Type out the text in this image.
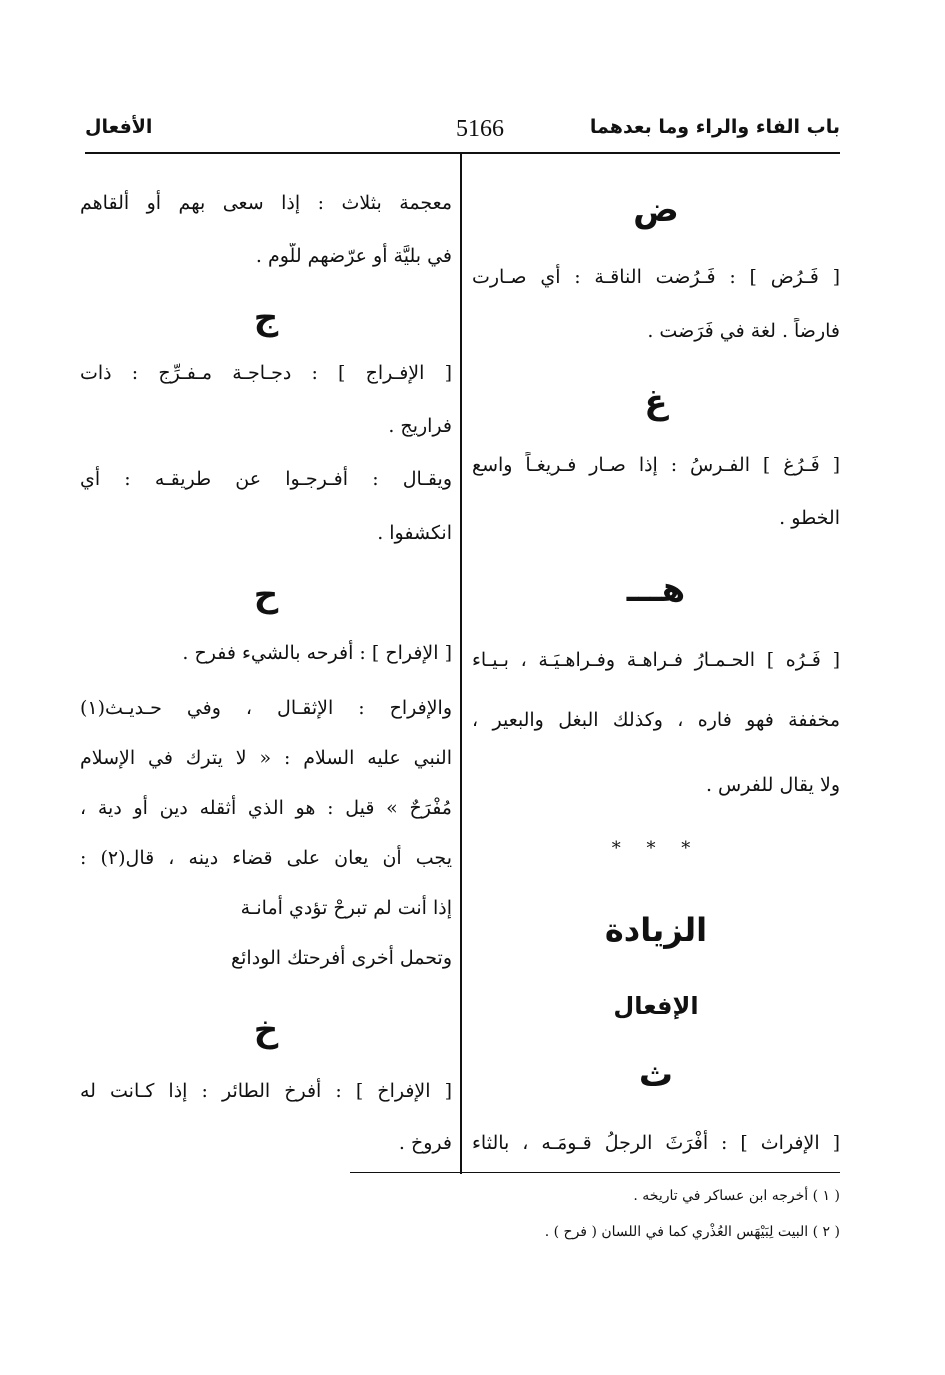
باب الفاء والراء وما بعدهما
5166
الأفعال
ض
[ فَـرُض ] : فَـرُضت الناقـة : أي صـارت
فارضاً . لغة في فَرَضت .
غ
[ فَـرُغ ] الفـرسُ : إذا صـار فـريغـاً واسع
الخطو .
هـــ
[ فَـرُه ] الحـمـارُ فـراهـة وفـراهـيَـة ، بـيـاء
مخففة فهو فاره ، وكذلك البغل والبعير ،
ولا يقال للفرس .
* * *
الزيادة
الإفعال
ث
[ الإفراث ] : أَفْرَثَ الرجلُ قـومَـه ، بالثاء
معجمة بثلاث : إذا سعى بهم أو ألقاهم
في بليَّة أو عرّضهم للّوم .
ج
[ الإفـراج ] : دجـاجـة مـفـرِّج : ذات
فراريج .
ويقـال : أفـرجـوا عن طريقـه : أي
انكشفوا .
ح
[ الإفراح ] : أفرحه بالشيء ففرح .
والإفراح : الإثقـال ، وفي حـديـث(١)
النبي عليه السلام : « لا يترك في الإسلام
مُفْرَحٌ » قيل : هو الذي أثقله دين أو دية ،
يجب أن يعان على قضاء دينه ، قال(٢) :
إذا أنت لم تبرحْ تؤدي أمانـة
وتحمل أخرى أفرحتك الودائع
خ
[ الإفراخ ] : أفرخ الطائر : إذا كـانت له
فروخ .
( ١ ) أخرجه ابن عساكر في تاريخه .
( ٢ ) البيت لِبَيْهَس العُذْري كما في اللسان ( فرح ) .
